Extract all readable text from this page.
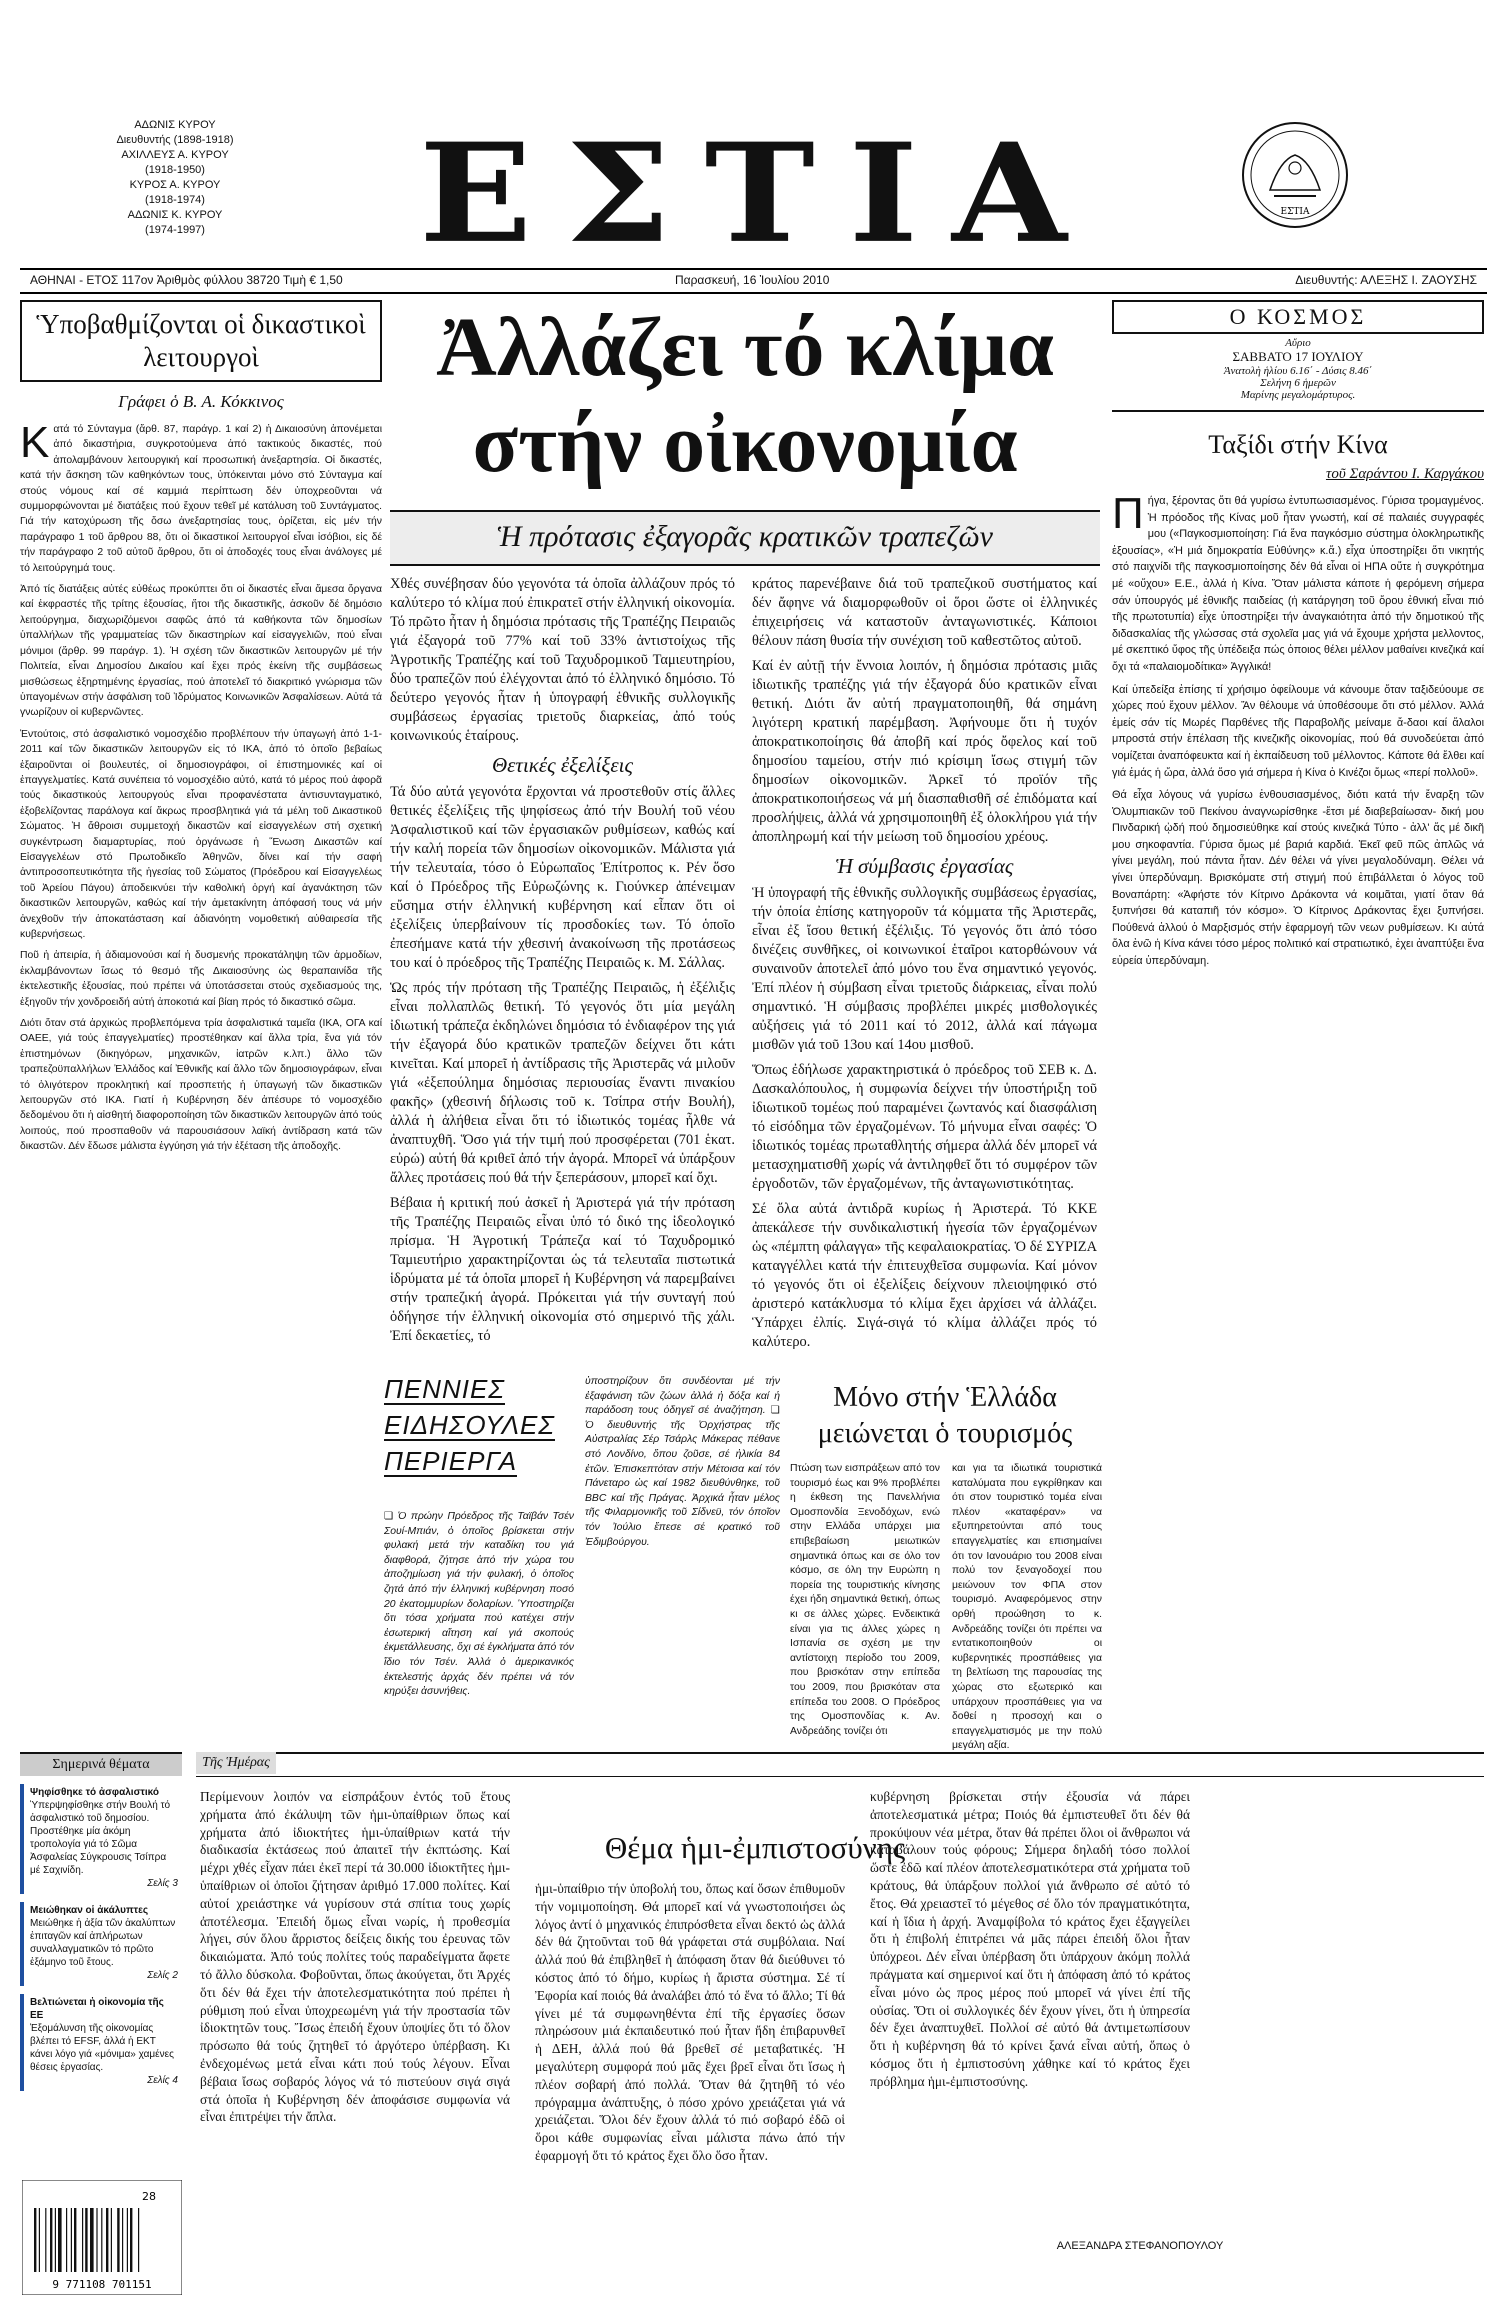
ΑΔΩΝΙΣ ΚΥΡΟΥ
Διευθυντής (1898-1918)
ΑΧΙΛΛΕΥΣ Α. ΚΥΡΟΥ
(1918-1950)
ΚΥΡΟΣ Α. ΚΥΡΟΥ
(1918-1974)
ΑΔΩΝΙΣ Κ. ΚΥΡΟΥ
(1974-1997)	ΕΣΤΙΑ	ΕΣΤΙΑ
ΑΘΗΝΑΙ - ΕΤΟΣ 117ον Ἀριθμὸς φύλλου 38720 Τιμὴ € 1,50	Παρασκευή, 16 Ἰουλίου 2010	Διευθυντής: ΑΛΕΞΗΣ Ι. ΖΑΟΥΣΗΣ
Ὑποβαθμίζονται οἱ δικαστικοὶ λειτουργοὶ
Γράφει ὁ Β. Α. Κόκκινος
Κ ατά τό Σύνταγμα (ἄρθ. 87, παράγρ. 1 καί 2) ἡ Δικαιοσύνη ἀπονέμεται ἀπό δικαστήρια, συγκροτούμενα ἀπό τακτικούς δικαστές, πού ἀπολαμβάνουν λειτουργική καί προσωπική ἀνεξαρτησία. Οἱ δικαστές, κατά τήν ἄσκηση τῶν καθηκόντων τους, ὑπόκεινται μόνο στό Σύνταγμα καί στούς νόμους καί σέ καμμιά περίπτωση δέν ὑποχρεοῦνται νά συμμορφώνονται μέ διατάξεις πού ἔχουν τεθεῖ μέ κατάλυση τοῦ Συντάγματος. Γιά τήν κατοχύρωση τῆς ὅσω ἀνεξαρτησίας τους, ὁρίζεται, εἰς μέν τήν παράγραφο 1 τοῦ ἄρθρου 88, ὅτι οἱ δικαστικοί λειτουργοί εἶναι ἰσόβιοι, εἰς δέ τήν παράγραφο 2 τοῦ αὐτοῦ ἄρθρου, ὅτι οἱ ἀποδοχές τους εἶναι ἀνάλογες μέ τό λειτούργημά τους.

Ἀπό τίς διατάξεις αὐτές εὐθέως προκύπτει ὅτι οἱ δικαστές εἶναι ἄμεσα ὄργανα καί ἐκφραστές τῆς τρίτης ἐξουσίας, ἤτοι τῆς δικαστικῆς, ἀσκοῦν δέ δημόσιο λειτούργημα, διαχωριζόμενοι σαφῶς ἀπό τά καθήκοντα τῶν δημοσίων ὑπαλλήλων τῆς γραμματείας τῶν δικαστηρίων καί εἰσαγγελιῶν, πού εἶναι μόνιμοι (ἄρθρ. 99 παράγρ. 1). Ἡ σχέση τῶν δικαστικῶν λειτουργῶν μέ τήν Πολιτεία, εἶναι Δημοσίου Δικαίου καί ἔχει πρός ἐκείνη τῆς συμβάσεως μισθώσεως ἐξηρτημένης ἐργασίας, πού ἀποτελεῖ τό διακριτικό γνώρισμα τῶν ὑπαγομένων στήν ἀσφάλιση τοῦ Ἱδρύματος Κοινωνικῶν Ἀσφαλίσεων. Αὐτά τά γνωρίζουν οἱ κυβερνῶντες.

Ἐντούτοις, στό ἀσφαλιστικό νομοσχέδιο προβλέπουν τήν ὑπαγωγή ἀπό 1-1-2011 καί τῶν δικαστικῶν λειτουργῶν εἰς τό ΙΚΑ, ἀπό τό ὁποῖο βεβαίως ἐξαιροῦνται οἱ βουλευτές, οἱ δημοσιογράφοι, οἱ ἐπιστημονικές καί οἱ ἐπαγγελματίες. Κατά συνέπεια τό νομοσχέδιο αὐτό, κατά τό μέρος πού ἀφορᾶ τούς δικαστικούς λειτουργούς εἶναι προφανέστατα ἀντισυνταγματικό, ἐξοβελίζοντας παράλογα καί ἄκρως προσβλητικά γιά τά μέλη τοῦ Δικαστικοῦ Σώματος. Ἡ ἄθροισι συμμετοχή δικαστῶν καί εἰσαγγελέων στή σχετική συγκέντρωση διαμαρτυρίας, πού ὀργάνωσε ἡ Ἕνωση Δικαστῶν καί Εἰσαγγελέων στό Πρωτοδικεῖο Ἀθηνῶν, δίνει καί τήν σαφή ἀντιπροσοπευτικότητα τῆς ἡγεσίας τοῦ Σώματος (Πρόεδρου καί Εἰσαγγελέως τοῦ Ἀρείου Πάγου) ἀποδεικνύει τήν καθολική ὀργή καί ἀγανάκτηση τῶν δικαστικῶν λειτουργῶν, καθώς καί τήν ἀμετακίνητη ἀπόφασή τους νά μήν ἀνεχθοῦν τήν ἀποκατάσταση καί ἀδιανόητη νομοθετική αὐθαιρεσία τῆς κυβερνήσεως.

Ποῦ ἡ ἀπειρία, ἡ ἀδιαμονούσι καί ἡ δυσμενής προκατάληψη τῶν ἁρμοδίων, ἐκλαμβάνοντων ἴσως τό θεσμό τῆς Δικαιοσύνης ὡς θεραπαινίδα τῆς ἐκτελεστικῆς ἐξουσίας, πού πρέπει νά ὑποτάσσεται στούς σχεδιασμούς της, ἐξηγοῦν τήν χονδροειδή αὐτή ἀποκοτιά καί βίαη πρός τό δικαστικό σῶμα.

Διότι ὅταν στά ἀρχικώς προβλεπόμενα τρία ἀσφαλιστικά ταμεῖα (ΙΚΑ, ΟΓΑ καί ΟΑΕΕ, γιά τούς ἐπαγγελματίες) προστέθηκαν καί ἄλλα τρία, ἕνα γιά τόν ἐπιστημόνων (δικηγόρων, μηχανικῶν, ἰατρῶν κ.λπ.) ἄλλο τῶν τραπεζοϋπαλλήλων Ἐλλάδος καί Ἐθνικῆς καί ἄλλο τῶν δημοσιογράφων, εἶναι τό ὀλιγότερον προκλητική καί προσπετής ἡ ὑπαγωγή τῶν δικαστικῶν λειτουργῶν στό ΙΚΑ. Γιατί ἡ Κυβέρνηση δέν ἀπέσυρε τό νομοσχέδιο δεδομένου ὅτι ἡ αἰσθητή διαφοροποίηση τῶν δικαστικῶν λειτουργῶν ἀπό τούς λοιπούς, πού προσπαθοῦν νά παρουσιάσουν λαϊκή ἀντίδραση κατά τῶν δικαστῶν. Δέν ἔδωσε μάλιστα ἐγγύηση γιά τήν ἐξέταση τῆς ἀποδοχῆς.

Ἀλλάζει τό κλίμα στήν οἰκονομία
Ἡ πρότασις ἐξαγορᾶς κρατικῶν τραπεζῶν

Χθές συνέβησαν δύο γεγονότα τά ὁποῖα ἀλλάζουν πρός τό καλύτερο τό κλίμα πού ἐπικρατεῖ στήν ἑλληνική οἰκονομία. Τό πρῶτο ἦταν ἡ δημόσια πρότασις τῆς Τραπέζης Πειραιῶς γιά ἐξαγορά τοῦ 77% καί τοῦ 33% ἀντιστοίχως τῆς Ἀγροτικῆς Τραπέζης καί τοῦ Ταχυδρομικοῦ Ταμιευτηρίου, δύο τραπεζῶν πού ἐλέγχονται ἀπό τό ἑλληνικό δημόσιο. Τό δεύτερο γεγονός ἦταν ἡ ὑπογραφή ἑθνικῆς συλλογικῆς συμβάσεως ἐργασίας τριετοῦς διαρκείας, ἀπό τούς κοινωνικούς ἑταίρους.

Θετικές ἐξελίξεις

Τά δύο αὐτά γεγονότα ἔρχονται νά προστεθοῦν στίς ἄλλες θετικές ἐξελίξεις τῆς ψηφίσεως ἀπό τήν Βουλή τοῦ νέου Ἀσφαλιστικοῦ καί τῶν ἐργασιακῶν ρυθμίσεων, καθώς καί τήν καλή πορεία τῶν δημοσίων οἰκονομικῶν. Μάλιστα γιά τήν τελευταία, τόσο ὁ Εὐρωπαῖος Ἐπίτροπος κ. Ρέν ὅσο καί ὁ Πρόεδρος τῆς Εὐρωζώνης κ. Γιούνκερ ἀπένειμαν εὔσημα στήν ἑλληνική κυβέρνηση καί εἶπαν ὅτι οἱ ἐξελίξεις ὑπερβαίνουν τίς προσδοκίες των. Τό ὁποῖο ἐπεσήμανε κατά τήν χθεσινή ἀνακοίνωση τῆς προτάσεως του καί ὁ πρόεδρος τῆς Τραπέζης Πειραιῶς κ. Μ. Σάλλας.

Ὡς πρός τήν πρόταση τῆς Τραπέζης Πειραιῶς, ἡ ἐξέλιξις εἶναι πολλαπλῶς θετική. Τό γεγονός ὅτι μία μεγάλη ἰδιωτική τράπεζα ἐκδηλώνει δημόσια τό ἐνδιαφέρον της γιά τήν ἐξαγορά δύο κρατικῶν τραπεζῶν δείχνει ὅτι κάτι κινεῖται. Καί μπορεῖ ἡ ἀντίδρασις τῆς Ἀριστερᾶς νά μιλοῦν γιά «ἐξεπούλημα δημόσιας περιουσίας ἔναντι πινακίου φακῆς» (χθεσινή δήλωσις τοῦ κ. Τσίπρα στήν Βουλή), ἀλλά ἡ ἀλήθεια εἶναι ὅτι τό ἰδιωτικός τομέας ἦλθε νά ἀναπτυχθῆ. Ὅσο γιά τήν τιμή πού προσφέρεται (701 ἑκατ. εὐρώ) αὐτή θά κριθεῖ ἀπό τήν ἀγορά. Μπορεῖ νά ὑπάρξουν ἄλλες προτάσεις πού θά τήν ξεπεράσουν, μπορεῖ καί ὄχι.

Βέβαια ἡ κριτική πού ἀσκεῖ ἡ Ἀριστερά γιά τήν πρόταση τῆς Τραπέζης Πειραιῶς εἶναι ὑπό τό δικό της ἰδεολογικό πρίσμα. Ἡ Ἀγροτική Τράπεζα καί τό Ταχυδρομικό Ταμιευτήριο χαρακτηρίζονται ὡς τά τελευταῖα πιστωτικά ἱδρύματα μέ τά ὁποῖα μπορεῖ ἡ Κυβέρνηση νά παρεμβαίνει στήν τραπεζική ἀγορά. Πρόκειται γιά τήν συνταγή πού ὁδήγησε τήν ἑλληνική οἰκονομία στό σημερινό τῆς χάλι. Ἐπί δεκαετίες, τό

κράτος παρενέβαινε διά τοῦ τραπεζικοῦ συστήματος καί δέν ἄφηνε νά διαμορφωθοῦν οἱ ὅροι ὥστε οἱ ἑλληνικές ἐπιχειρήσεις νά καταστοῦν ἀνταγωνιστικές. Κάποιοι θέλουν πάση θυσία τήν συνέχιση τοῦ καθεστῶτος αὐτοῦ.

Καί ἐν αὐτῇ τήν ἔννοια λοιπόν, ἡ δημόσια πρότασις μιᾶς ἰδιωτικῆς τραπέζης γιά τήν ἐξαγορά δύο κρατικῶν εἶναι θετική. Διότι ἄν αὐτή πραγματοποιηθῆ, θά σημάνη λιγότερη κρατική παρέμβαση. Ἀφήνουμε ὅτι ἡ τυχόν ἀποκρατικοποίησις θά ἀποβῆ καί πρός ὄφελος καί τοῦ δημοσίου ταμείου, στήν πιό κρίσιμη ἴσως στιγμή τῶν δημοσίων οἰκονομικῶν. Ἀρκεῖ τό προϊόν τῆς ἀποκρατικοποιήσεως νά μή διασπαθισθῆ σέ ἐπιδόματα καί προσλήψεις, ἀλλά νά χρησιμοποιηθῆ ἐξ ὁλοκλήρου γιά τήν ἀποπληρωμή καί τήν μείωση τοῦ δημοσίου χρέους.

Ἡ σύμβασις ἐργασίας

Ἡ ὑπογραφή τῆς ἑθνικῆς συλλογικῆς συμβάσεως ἐργασίας, τήν ὁποία ἐπίσης κατηγοροῦν τά κόμματα τῆς Ἀριστερᾶς, εἶναι ἐξ ἴσου θετική ἐξέλιξις. Τό γεγονός ὅτι ἀπό τόσο δινέζεις συνθῆκες, οἱ κοινωνικοί ἑταῖροι κατορθώνουν νά συναινοῦν ἀποτελεῖ ἀπό μόνο του ἕνα σημαντικό γεγονός. Ἐπί πλέον ἡ σύμβαση εἶναι τριετοῦς διάρκειας, εἶναι πολύ σημαντικό. Ἡ σύμβασις προβλέπει μικρές μισθολογικές αὐξήσεις γιά τό 2011 καί τό 2012, ἀλλά καί πάγωμα μισθῶν γιά τοῦ 13ου καί 14ου μισθοῦ.

Ὅπως ἐδήλωσε χαρακτηριστικά ὁ πρόεδρος τοῦ ΣΕΒ κ. Δ. Δασκαλόπουλος, ἡ συμφωνία δείχνει τήν ὑποστήριξη τοῦ ἰδιωτικοῦ τομέως πού παραμένει ζωντανός καί διασφάλιση τό εἰσόδημα τῶν ἐργαζομένων. Τό μήνυμα εἶναι σαφές: Ὁ ἰδιωτικός τομέας πρωταθλητής σήμερα ἀλλά δέν μπορεῖ νά μετασχηματισθῆ χωρίς νά ἀντιληφθεῖ ὅτι τό συμφέρον τῶν ἐργοδοτῶν, τῶν ἐργαζομένων, τῆς ἀνταγωνιστικότητας.

Σέ ὅλα αὐτά ἀντιδρᾶ κυρίως ἡ Ἀριστερά. Τό ΚΚΕ ἀπεκάλεσε τήν συνδικαλιστική ἡγεσία τῶν ἐργαζομένων ὡς «πέμπτη φάλαγγα» τῆς κεφαλαιοκρατίας. Ὁ δέ ΣΥΡΙΖΑ καταγγέλλει κατά τήν ἐπιτευχθεῖσα συμφωνία. Καί μόνον τό γεγονός ὅτι οἱ ἐξελίξεις δείχνουν πλειοψηφικό στό ἀριστερό κατάκλυσμα τό κλίμα ἔχει ἀρχίσει νά ἀλλάζει. Ὑπάρχει ἐλπίς. Σιγά-σιγά τό κλίμα ἀλλάζει πρός τό καλύτερο.

ΠΕΝΝΙΕΣ
ΕΙΔΗΣΟΥΛΕΣ
ΠΕΡΙΕΡΓΑ
❏ Ὁ πρώην Πρόεδρος τῆς Ταϊβάν Τσέν Σουί-Μπιάν, ὁ ὁποῖος βρίσκεται στήν φυλακή μετά τήν καταδίκη του γιά διαφθορά, ζήτησε ἀπό τήν χώρα του ἀποζημίωση γιά τήν φυλακή, ὁ ὁποῖος ζητά ἀπό τήν ἑλληνική κυβέρνηση ποσό 20 ἑκατομμυρίων δολαρίων. Ὑποστηρίζει ὅτι τόσα χρήματα πού κατέχει στήν ἐσωτερική αἴτηση καί γιά σκοπούς ἐκμετάλλευσης, ὄχι σέ ἐγκλήματα ἀπό τόν ἴδιο τόν Τσέν. Ἀλλά ὁ ἀμερικανικός ἐκτελεστής ἀρχάς δέν πρέπει νά τόν κηρύξει ἀσυνήθεις.
ὑποστηρίζουν ὅτι συνδέονται μέ τήν ἐξαφάνιση τῶν ζώων ἀλλά ἡ δόξα καί ἡ παράδοση τους ὁδηγεῖ σέ ἀναζήτηση. ❏ Ὁ διευθυντής τῆς Ὀρχήστρας τῆς Αὐστραλίας Σέρ Τσάρλς Μάκερας πέθανε στό Λονδίνο, ὅπου ζοῦσε, σέ ἡλικία 84 ἐτῶν. Ἐπισκεπτόταν στήν Μέτοισα καί τόν Πάνεταρο ὡς καί 1982 διευθύνθηκε, τοῦ BBC καί τῆς Πράγας. Ἀρχικά ἦταν μέλος τῆς Φιλαρμονικῆς τοῦ Σίδνεϋ, τόν ὁποῖον τόν Ἰούλιο ἔπεσε σέ κρατικό τοῦ Ἐδιμβούργου.
Μόνο στήν Ἑλλάδα μειώνεται ὁ τουρισμός
Πτώση των εισπράξεων από τον τουρισμό έως και 9% προβλέπει η έκθεση της Πανελλήνια Ομοσπονδία Ξενοδόχων, ενώ στην Ελλάδα υπάρχει μια επιβεβαίωση μειωτικών σημαντικά όπως και σε όλο τον κόσμο, σε όλη την Ευρώπη η πορεία της τουριστικής κίνησης έχει ήδη σημαντικά θετική, όπως κι σε άλλες χώρες. Ενδεικτικά είναι για τις άλλες χώρες η Ισπανία σε σχέση με την αντίστοιχη περίοδο του 2009, που βρισκόταν στην επίπεδα του 2009, που βρισκόταν στα επίπεδα του 2008. Ο Πρόεδρος της Ομοσπονδίας κ. Αν. Ανδρεάδης τονίζει ότι
και για τα ιδιωτικά τουριστικά καταλύματα που εγκρίθηκαν και ότι στον τουριστικό τομέα είναι πλέον «καταφέραν» να εξυπηρετούνται από τους επαγγελματίες και επισημαίνει ότι τον Ιανουάριο του 2008 είναι πολύ τον ξεναγοδοχεί που μειώνουν τον ΦΠΑ στον τουρισμό. Αναφερόμενος στην ορθή προώθηση το κ. Ανδρεάδης τονίζει ότι πρέπει να εντατικοποιηθούν οι κυβερνητικές προσπάθειες για τη βελτίωση της παρουσίας της χώρας στο εξωτερικό και υπάρχουν προσπάθειες για να δοθεί η προσοχή και ο επαγγελματισμός με την πολύ μεγάλη αξία.
Ο ΚΟΣΜΟΣ
Αὔριο
ΣΑΒΒΑΤΟ 17 ΙΟΥΛΙΟΥ
Ἀνατολὴ ἡλίου 6.16΄ - Δύσις 8.46΄
Σελήνη 6 ἡμερῶν
Μαρίνης μεγαλομάρτυρος.
Ταξίδι στήν Κίνα
τοῦ Σαράντου Ι. Καργάκου
Π ήγα, ξέροντας ὅτι θά γυρίσω ἐντυπωσιασμένος. Γύρισα τρομαγμένος. Ἡ πρόοδος τῆς Κίνας μοῦ ἦταν γνωστή, καί σέ παλαιές συγγραφές μου («Παγκοσμιοποίηση: Γιά ἕνα παγκόσμιο σύστημα ὁλοκληρωτικῆς ἐξουσίας», «Ἡ μιά δημοκρατία Εὐθύνης» κ.ἄ.) εἶχα ὑποστηρίξει ὅτι νικητής στό παιχνίδι τῆς παγκοσμιοποίησης δέν θά εἶναι οἱ ΗΠΑ οὔτε ἡ συγκρότημα μέ «οὔχου» Ε.Ε., ἀλλά ἡ Κίνα. Ὅταν μάλιστα κάποτε ἡ φερόμενη σήμερα σάν ὑπουργός μέ ἐθνικῆς παιδείας (ἡ κατάργηση τοῦ ὅρου ἐθνική εἶναι πιό τῆς πρωτοτυπία) εἶχε ὑποστηρίξει τήν ἀναγκαιότητα ἀπό τήν δημοτικού τῆς διδασκαλίας τῆς γλώσσας στά σχολεῖα μας γιά νά ἔχουμε χρήστα μελλοντος, μέ σκεπτικό ὕφος τῆς ὑπέδειξα πώς ὁποιος θέλει μέλλον μαθαίνει κινεζικά καί ὄχι τά «παλαιομοδίτικα» Ἀγγλικά!

Καί ὑπεδείξα ἐπίσης τί χρήσιμο ὀφείλουμε νά κάνουμε ὅταν ταξιδεύουμε σε χώρες πού ἔχουν μέλλον. Ἄν θέλουμε νά ὑποθέσουμε ὅτι στό μέλλον. Ἀλλά ἐμείς σάν τίς Μωρές Παρθένες τῆς Παραβολῆς μείναμε ἄ-δαοι καί ἄλαλοι μπροστά στήν ἐπέλαση τῆς κινεζικῆς οἰκονομίας, πού θά συνοδεύεται ἀπό νομίζεται ἀναπόφευκτα καί ἡ ἐκπαίδευση τοῦ μέλλοντος. Κάποτε θά ἔλθει καί γιά ἐμάς ἡ ὥρα, ἀλλά ὅσο γιά σήμερα ἡ Κίνα ὁ Κινέζοι ὅμως «περί πολλοῦ».

Θά εἶχα λόγους νά γυρίσω ἐνθουσιασμένος, διότι κατά τήν ἔναρξη τῶν Ὀλυμπιακῶν τοῦ Πεκίνου ἀναγνωρίσθηκε -ἔτσι μέ διαβεβαίωσαν- δική μου Πινδαρική ᾠδή πού δημοσιεύθηκε καί στούς κινεζικά Τύπο - ἀλλ' ἄς μέ δικῆ μου σηκοφαντία. Γύρισα ὅμως μέ βαριά καρδιά. Ἐκεῖ φεῦ πῶς ἀπλῶς νά γίνει μεγάλη, πού πάντα ἦταν. Δέν θέλει νά γίνει μεγαλοδύναμη. Θέλει νά γίνει ὑπερδύναμη. Βρισκόματε στή στιγμή πού ἐπιβάλλεται ὁ λόγος τοῦ Βοναπάρτη: «Ἀφήστε τόν Κίτρινο Δράκοντα νά κοιμᾶται, γιατί ὅταν θά ξυπνήσει θά καταπιῆ τόν κόσμο». Ὁ Κίτρινος Δράκοντας ἔχει ξυπνήσει. Πούθενά ἀλλού ὁ Μαρξισμός στήν ἐφαρμογή τῶν νεων ρυθμίσεων. Κι αὐτά ὅλα ἐνῶ ἡ Κίνα κάνει τόσο μέρος πολιτικό καί στρατιωτικό, ἐχει ἀναπτύξει ἔνα εὐρεία ὑπερδύναμη.

Σημερινά θέματα
Ψηφίσθηκε τό ἀσφαλιστικό
Ὑπερψηφίσθηκε στήν Βουλή τό ἀσφαλιστικό τοῦ δημοσίου. Προστέθηκε μία ἀκόμη τροπολογία γιά τό Σῶμα Ἀσφαλείας Σύγκρουσις Τσίπρα μέ Σαχινίδη.
Σελίς 3
Μειώθηκαν οἱ ἀκάλυπτες
Μειώθηκε ἡ ἀξία τῶν ἀκαλύπτων ἐπιταγῶν καί ἀπλήρωτων συναλλαγματικῶν τό πρῶτο ἑξάμηνο τοῦ ἔτους.
Σελίς 2
Βελτιώνεται ἡ οἰκονομία τῆς ΕΕ
Ἐξομάλυνση τῆς οἰκονομίας βλέπει τό EFSF, ἀλλά ἡ ΕΚΤ κάνει λόγο γιά «μόνιμα» χαμένες θέσεις ἐργασίας.
Σελίς 4
28
9 771108 701151
Τῆς Ἡμέρας
Θέμα ἡμι-ἐμπιστοσύνης
Περίμενουν λοιπόν να εἰσπράξουν ἐντός τοῦ ἔτους χρήματα ἀπό ἐκάλυψη τῶν ἡμι-ὑπαίθριων ὅπως καί χρήματα ἀπό ἰδιοκτήτες ἡμι-ὑπαίθριων κατά τήν διαδικασία ἐκτάσεως πού ἀπαιτεῖ τήν ἐκπτώσης. Καί μέχρι χθές εἶχαν πάει ἐκεῖ περί τά 30.000 ἰδιοκτῆτες ἡμι-ὑπαίθριων οἱ ὁποῖοι ζήτησαν ἀριθμό 17.000 πολίτες. Καί αὐτοί χρειάστηκε νά γυρίσουν στά σπίτια τους χωρίς ἀποτέλεσμα. Ἐπειδή ὅμως εἶναι νωρίς, ἡ προθεσμία λήγει, σύν ὅλου ἄρριστος δείξεις δικής του ἐρευνας τῶν δικαιώματα. Ἀπό τούς πολίτες τούς παραδείγματα ἄφετε τό ἄλλο δύσκολα. Φοβοῦνται, ὅπως ἀκούγεται, ὅτι Ἀρχές ὅτι δέν θά ἔχει τήν ἀποτελεσματικότητα πού πρέπει ἡ ρύθμιση πού εἶναι ὑποχρεωμένη γιά τήν προστασία τῶν ἰδιοκτητῶν τους. Ἴσως ἐπειδή ἔχουν ὑποψίες ὅτι τό ὅλον πρόσωπο θά τούς ζητηθεῖ τό ἀργότερο ὑπέρβαση. Κι ἐνδεχομένως μετά εἶναι κάτι πού τούς λέγουν. Εἶναι βέβαια ἴσως σοβαρός λόγος νά τό πιστεύουν σιγά σιγά στά ὁποῖα ἡ Κυβέρνηση δέν ἀποφάσισε συμφωνία νά εἶναι ἐπιτρέψει τήν ἄπλα.
ἡμι-ὑπαίθριο τήν ὑποβολή του, ὅπως καί ὅσων ἐπιθυμοῦν τήν νομιμοποίηση. Θά μπορεῖ καί νά γνωστοποιήσει ὡς λόγος ἀντί ὁ μηχανικός ἐπιπρόσθετα εἶναι δεκτό ὡς ἀλλά δέν θά ζητοῦνται τοῦ θά γράφεται στά συμβόλαια. Ναί ἀλλά πού θά ἐπιβληθεῖ ἡ ἀπόφαση ὅταν θά διεύθυνει τό κόστος ἀπό τό δήμο, κυρίως ἡ ἄριστα σύστημα. Σέ τί Ἐφορία καί ποιός θά ἀναλάβει ἀπό τό ἕνα τό ἄλλο; Τί θά γίνει μέ τά συμφωνηθέντα ἐπί τῆς ἐργασίες ὅσων πληρώσουν μιά ἐκπαιδευτικό πού ἦταν ἤδη ἐπιβαρυνθεῖ ἡ ΔΕΗ, ἀλλά πού θά βρεθεῖ σέ μεταβατικές. Ἡ μεγαλύτερη συμφορά πού μᾶς ἔχει βρεῖ εἶναι ὅτι ἴσως ἡ πλέον σοβαρή ἀπό πολλά. Ὅταν θά ζητηθῆ τό νέο πρόγραμμα ἀνάπτυξης, ὁ πόσο χρόνο χρειάζεται γιά νά χρειάζεται. Ὅλοι δέν ἔχουν ἀλλά τό πιό σοβαρό ἐδῶ οἱ ὅροι κάθε συμφωνίας εἶναι μάλιστα πάνω ἀπό τήν ἐφαρμογή ὅτι τό κράτος ἔχει ὅλο ὅσο ἦταν.
κυβέρνηση βρίσκεται στήν ἐξουσία νά πάρει ἀποτελεσματικά μέτρα; Ποιός θά ἐμπιστευθεῖ ὅτι δέν θά προκύψουν νέα μέτρα, ὅταν θά πρέπει ὅλοι οἱ ἄνθρωποι νά καταβάλουν τούς φόρους; Σήμερα δηλαδή τόσο πολλοί ὥστε ἐδῶ καί πλέον ἀποτελεσματικότερα στά χρήματα τοῦ κράτους, θά ὑπάρξουν πολλοί γιά ἄνθρωπο σέ αὐτό τό ἔτος. Θά χρειαστεῖ τό μέγεθος σέ ὅλο τόν πραγματικότητα, καί ἡ ἴδια ἡ ἀρχή. Ἀναμφίβολα τό κράτος ἔχει ἐξαγγείλει ὅτι ἡ ἐπιβολή ἐπιτρέπει νά μᾶς πάρει ἐπειδή ὅλοι ἦταν ὑπόχρεοι. Δέν εἶναι ὑπέρβαση ὅτι ὑπάρχουν ἀκόμη πολλά πράγματα καί σημερινοί καί ὅτι ἡ ἀπόφαση ἀπό τό κράτος εἶναι μόνο ὡς προς μέρος πού μπορεῖ νά γίνει ἐπί τῆς οὐσίας. Ὅτι οἱ συλλογικές δέν ἔχουν γίνει, ὅτι ἡ ὑπηρεσία δέν ἔχει ἀναπτυχθεῖ. Πολλοί σέ αὐτό θά ἀντιμετωπίσουν ὅτι ἡ κυβέρνηση θά τό κρίνει ξανά εἶναι αὐτή, ὅπως ὁ κόσμος ὅτι ἡ ἐμπιστοσύνη χάθηκε καί τό κράτος ἔχει πρόβλημα ἡμι-ἐμπιστοσύνης.
ΑΛΕΞΑΝΔΡΑ ΣΤΕΦΑΝΟΠΟΥΛΟΥ
